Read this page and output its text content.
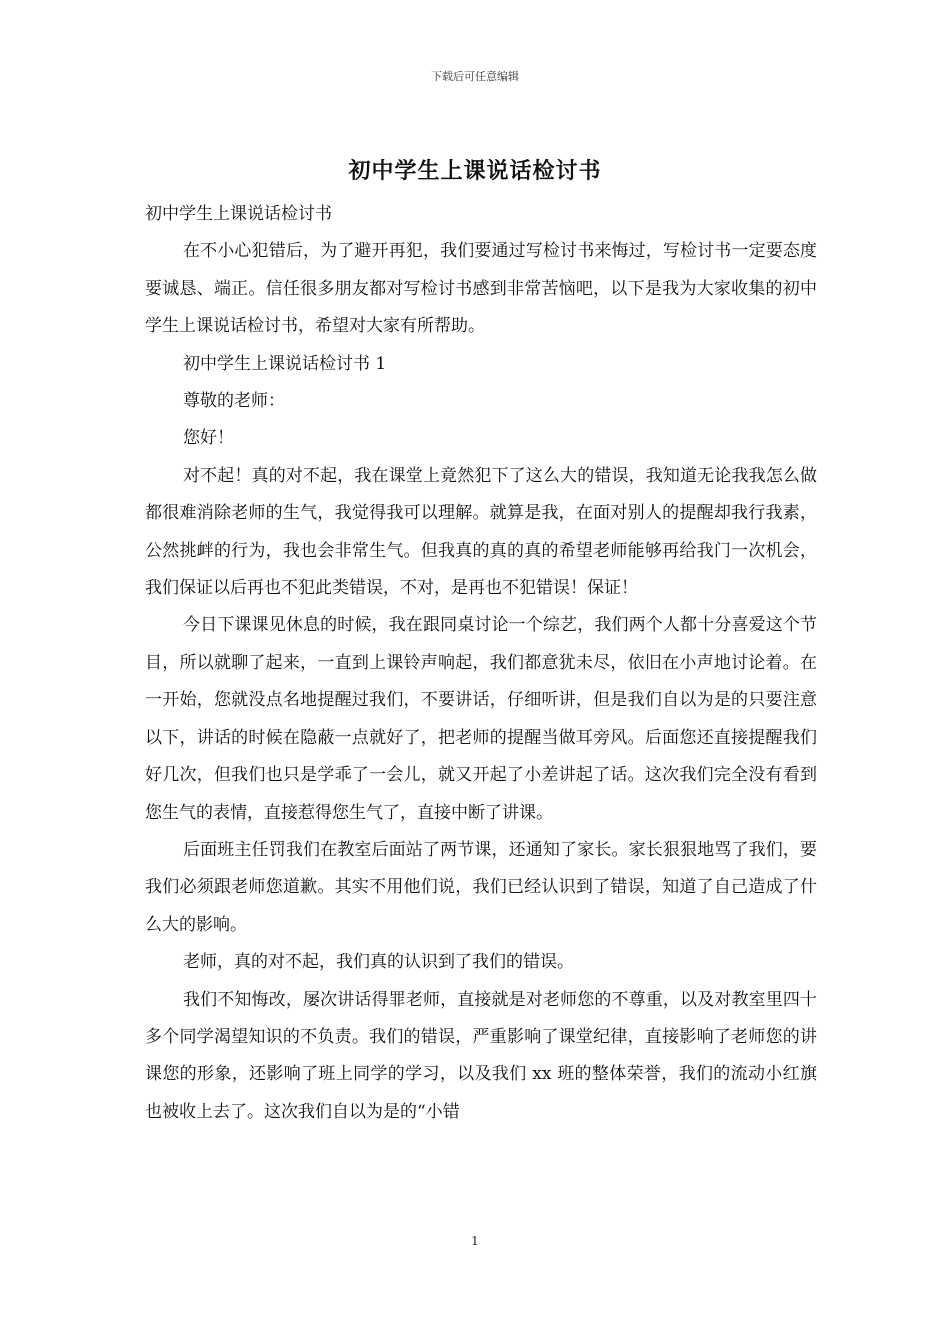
下载后可任意编辑
初中学生上课说话检讨书

初中学生上课说话检讨书

在不小心犯错后，为了避开再犯，我们要通过写检讨书来悔过，写检讨书一定要态度要诚恳、端正。信任很多朋友都对写检讨书感到非常苦恼吧，以下是我为大家收集的初中学生上课说话检讨书，希望对大家有所帮助。

初中学生上课说话检讨书 1

尊敬的老师：

您好！

对不起！真的对不起，我在课堂上竟然犯下了这么大的错误，我知道无论我我怎么做都很难消除老师的生气，我觉得我可以理解。就算是我，在面对别人的提醒却我行我素，公然挑衅的行为，我也会非常生气。但我真的真的真的希望老师能够再给我门一次机会，我们保证以后再也不犯此类错误，不对，是再也不犯错误！保证！

今日下课课见休息的时候，我在跟同桌讨论一个综艺，我们两个人都十分喜爱这个节目，所以就聊了起来，一直到上课铃声响起，我们都意犹未尽，依旧在小声地讨论着。在一开始，您就没点名地提醒过我们，不要讲话，仔细听讲，但是我们自以为是的只要注意以下，讲话的时候在隐蔽一点就好了，把老师的提醒当做耳旁风。后面您还直接提醒我们好几次，但我们也只是学乖了一会儿，就又开起了小差讲起了话。这次我们完全没有看到您生气的表情，直接惹得您生气了，直接中断了讲课。

后面班主任罚我们在教室后面站了两节课，还通知了家长。家长狠狠地骂了我们，要我们必须跟老师您道歉。其实不用他们说，我们已经认识到了错误，知道了自己造成了什么大的影响。

老师，真的对不起，我们真的认识到了我们的错误。

我们不知悔改，屡次讲话得罪老师，直接就是对老师您的不尊重，以及对教室里四十多个同学渴望知识的不负责。我们的错误，严重影响了课堂纪律，直接影响了老师您的讲课您的形象，还影响了班上同学的学习，以及我们 xx 班的整体荣誉，我们的流动小红旗也被收上去了。这次我们自以为是的“小错

1
